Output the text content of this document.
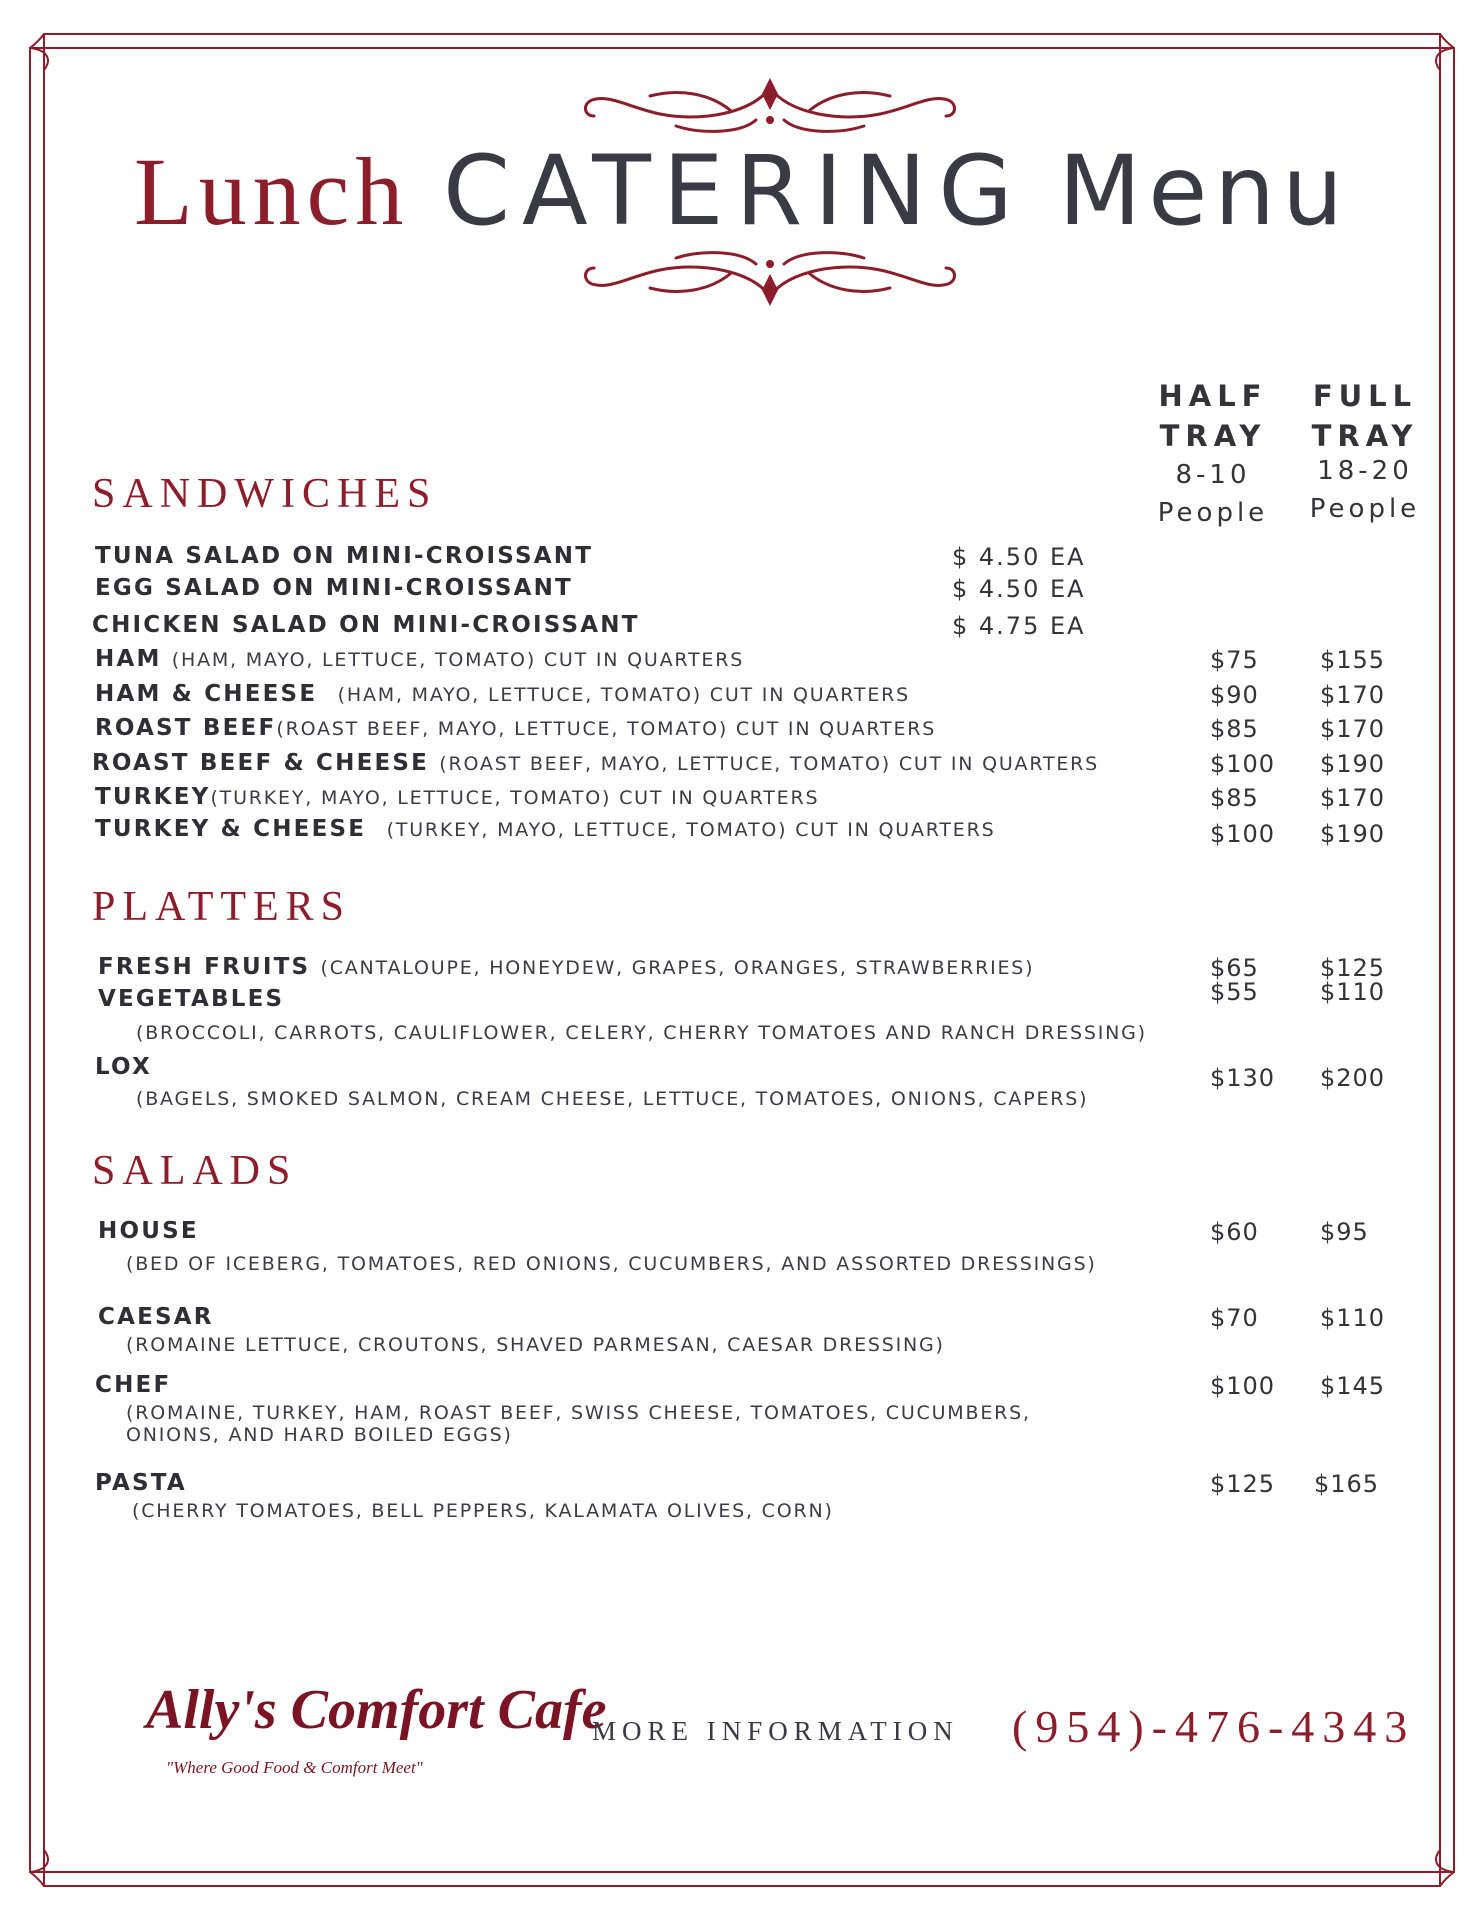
Lunch CATERING Menu
HALF
TRAY
8-10
People
FULL
TRAY
18-20
People
SANDWICHES
TUNA SALAD ON MINI-CROISSANT	$ 4.50 EA
EGG SALAD ON MINI-CROISSANT	$ 4.50 EA
CHICKEN SALAD ON MINI-CROISSANT	$ 4.75 EA
HAM (HAM, MAYO, LETTUCE, TOMATO) CUT IN QUARTERS	$75	$155
HAM & CHEESE (HAM, MAYO, LETTUCE, TOMATO) CUT IN QUARTERS	$90	$170
ROAST BEEF(ROAST BEEF, MAYO, LETTUCE, TOMATO) CUT IN QUARTERS	$85	$170
ROAST BEEF & CHEESE (ROAST BEEF, MAYO, LETTUCE, TOMATO) CUT IN QUARTERS	$100 $190
TURKEY(TURKEY, MAYO, LETTUCE, TOMATO) CUT IN QUARTERS	$85	$170
TURKEY & CHEESE (TURKEY, MAYO, LETTUCE, TOMATO) CUT IN QUARTERS	$100 $190
PLATTERS
FRESH FRUITS (CANTALOUPE, HONEYDEW, GRAPES, ORANGES, STRAWBERRIES)	$65	$125
VEGETABLES	$55	$110
(BROCCOLI, CARROTS, CAULIFLOWER, CELERY, CHERRY TOMATOES AND RANCH DRESSING)
LOX	$130 $200
(BAGELS, SMOKED SALMON, CREAM CHEESE, LETTUCE, TOMATOES, ONIONS, CAPERS)
SALADS
HOUSE	$60	$95
(BED OF ICEBERG, TOMATOES, RED ONIONS, CUCUMBERS, AND ASSORTED DRESSINGS)
CAESAR	$70	$110
(ROMAINE LETTUCE, CROUTONS, SHAVED PARMESAN, CAESAR DRESSING)
CHEF	$100 $145
(ROMAINE, TURKEY, HAM, ROAST BEEF, SWISS CHEESE, TOMATOES, CUCUMBERS,
ONIONS, AND HARD BOILED EGGS)
PASTA	$125 $165
(CHERRY TOMATOES, BELL PEPPERS, KALAMATA OLIVES, CORN)
Ally's Comfort Cafe
"Where Good Food & Comfort Meet"
MORE INFORMATION (954)-476-4343
